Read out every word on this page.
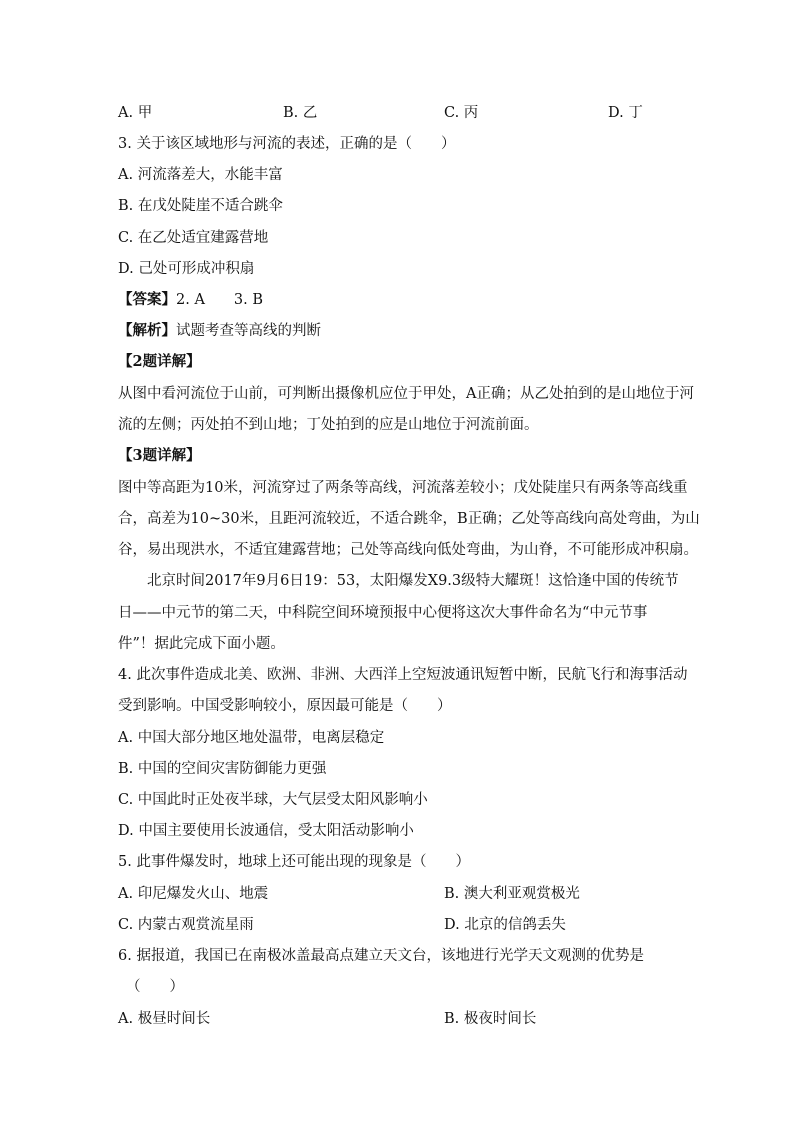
A. 甲	B. 乙	C. 丙	D. 丁
3. 关于该区域地形与河流的表述，正确的是（　　）
A. 河流落差大，水能丰富
B. 在戊处陡崖不适合跳伞
C. 在乙处适宜建露营地
D. 己处可形成冲积扇
【答案】2. A　　3. B
【解析】试题考查等高线的判断
【2题详解】
从图中看河流位于山前，可判断出摄像机应位于甲处，A正确；从乙处拍到的是山地位于河
流的左侧；丙处拍不到山地；丁处拍到的应是山地位于河流前面。
【3题详解】
图中等高距为10米，河流穿过了两条等高线，河流落差较小；戊处陡崖只有两条等高线重
合，高差为10~30米，且距河流较近，不适合跳伞，B正确；乙处等高线向高处弯曲，为山
谷，易出现洪水，不适宜建露营地；己处等高线向低处弯曲，为山脊，不可能形成冲积扇。
北京时间2017年9月6日19：53，太阳爆发X9.3级特大耀斑！这恰逢中国的传统节
日——中元节的第二天，中科院空间环境预报中心便将这次大事件命名为“中元节事
件”！据此完成下面小题。
4. 此次事件造成北美、欧洲、非洲、大西洋上空短波通讯短暂中断，民航飞行和海事活动
受到影响。中国受影响较小，原因最可能是（　　）
A. 中国大部分地区地处温带，电离层稳定
B. 中国的空间灾害防御能力更强
C. 中国此时正处夜半球，大气层受太阳风影响小
D. 中国主要使用长波通信，受太阳活动影响小
5. 此事件爆发时，地球上还可能出现的现象是（　　）
A. 印尼爆发火山、地震	B. 澳大利亚观赏极光
C. 内蒙古观赏流星雨	D. 北京的信鸽丢失
6. 据报道，我国已在南极冰盖最高点建立天文台，该地进行光学天文观测的优势是
（　　）
A. 极昼时间长	B. 极夜时间长
